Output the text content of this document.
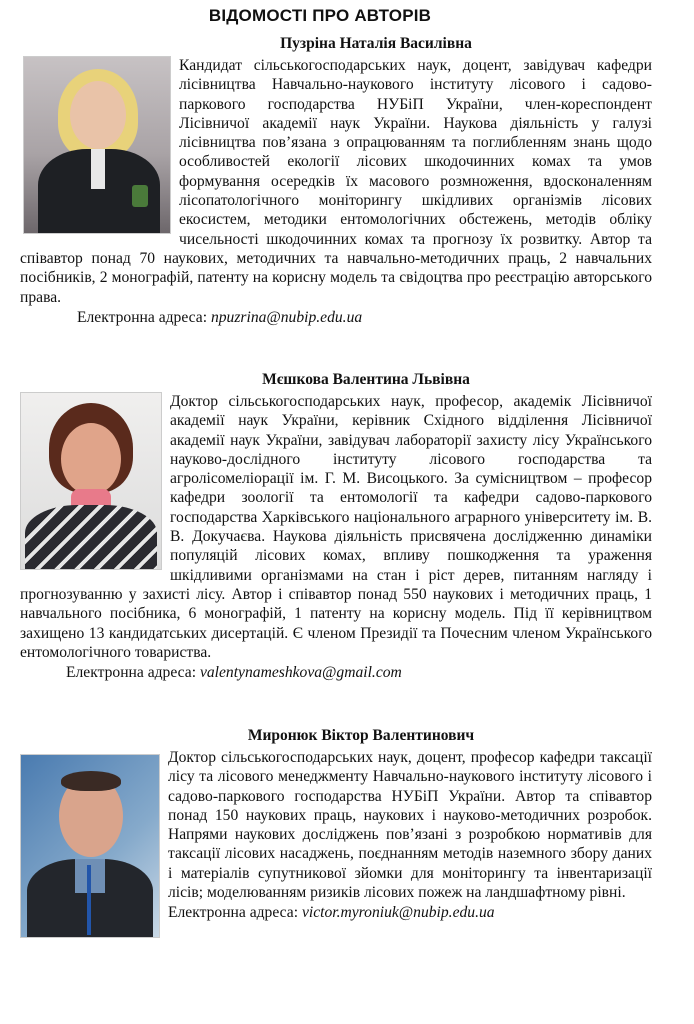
ВІДОМОСТІ ПРО АВТОРІВ
Пузріна Наталія Василівна

Кандидат сільськогосподарських наук, доцент, завідувач кафедри лісівництва Навчально-наукового інституту лісового і садово-паркового господарства НУБіП України, член-кореспондент Лісівничої академії наук України. Наукова діяльність у галузі лісівництва пов’язана з опрацюванням та поглибленням знань щодо особливостей екології лісових шкодочинних комах та умов формування осередків їх масового розмноження, вдосконаленням лісопатологічного моніторингу шкідливих організмів лісових екосистем, методики ентомологічних обстежень, методів обліку чисельності шкодочинних комах та прогнозу їх розвитку. Автор та співавтор понад 70 наукових, методичних та навчально-методичних праць, 2 навчальних посібників, 2 монографій, патенту на корисну модель та свідоцтва про реєстрацію авторського права.

Електронна адреса: npuzrina@nubip.edu.ua
Мєшкова Валентина Львівна

Доктор сільськогосподарських наук, професор, академік Лісівничої академії наук України, керівник Східного відділення Лісівничої академії наук України, завідувач лабораторії захисту лісу Українського науково-дослідного інституту лісового господарства та агролісомеліорації ім. Г. М. Висоцького. За сумісництвом – професор кафедри зоології та ентомології та кафедри садово-паркового господарства Харківського національного аграрного університету ім. В. В. Докучаєва. Наукова діяльність присвячена дослідженню динаміки популяцій лісових комах, впливу пошкодження та ураження шкідливими організмами на стан і ріст дерев, питанням нагляду і прогнозуванню у захисті лісу. Автор і співавтор понад 550 наукових і методичних праць, 1 навчального посібника, 6 монографій, 1 патенту на корисну модель. Під її керівництвом захищено 13 кандидатських дисертацій. Є членом Президії та Почесним членом Українського ентомологічного товариства.

Електронна адреса: valentynameshkova@gmail.com
Миронюк Віктор Валентинович

Доктор сільськогосподарських наук, доцент, професор кафедри таксації лісу та лісового менеджменту Навчально-наукового інституту лісового і садово-паркового господарства НУБіП України. Автор та співавтор понад 150 наукових праць, наукових і науково-методичних розробок. Напрями наукових досліджень пов’язані з розробкою нормативів для таксації лісових насаджень, поєднанням методів наземного збору даних і матеріалів супутникової зйомки для моніторингу та інвентаризації лісів; моделюванням ризиків лісових пожеж на ландшафтному рівні.

Електронна адреса: victor.myroniuk@nubip.edu.ua
